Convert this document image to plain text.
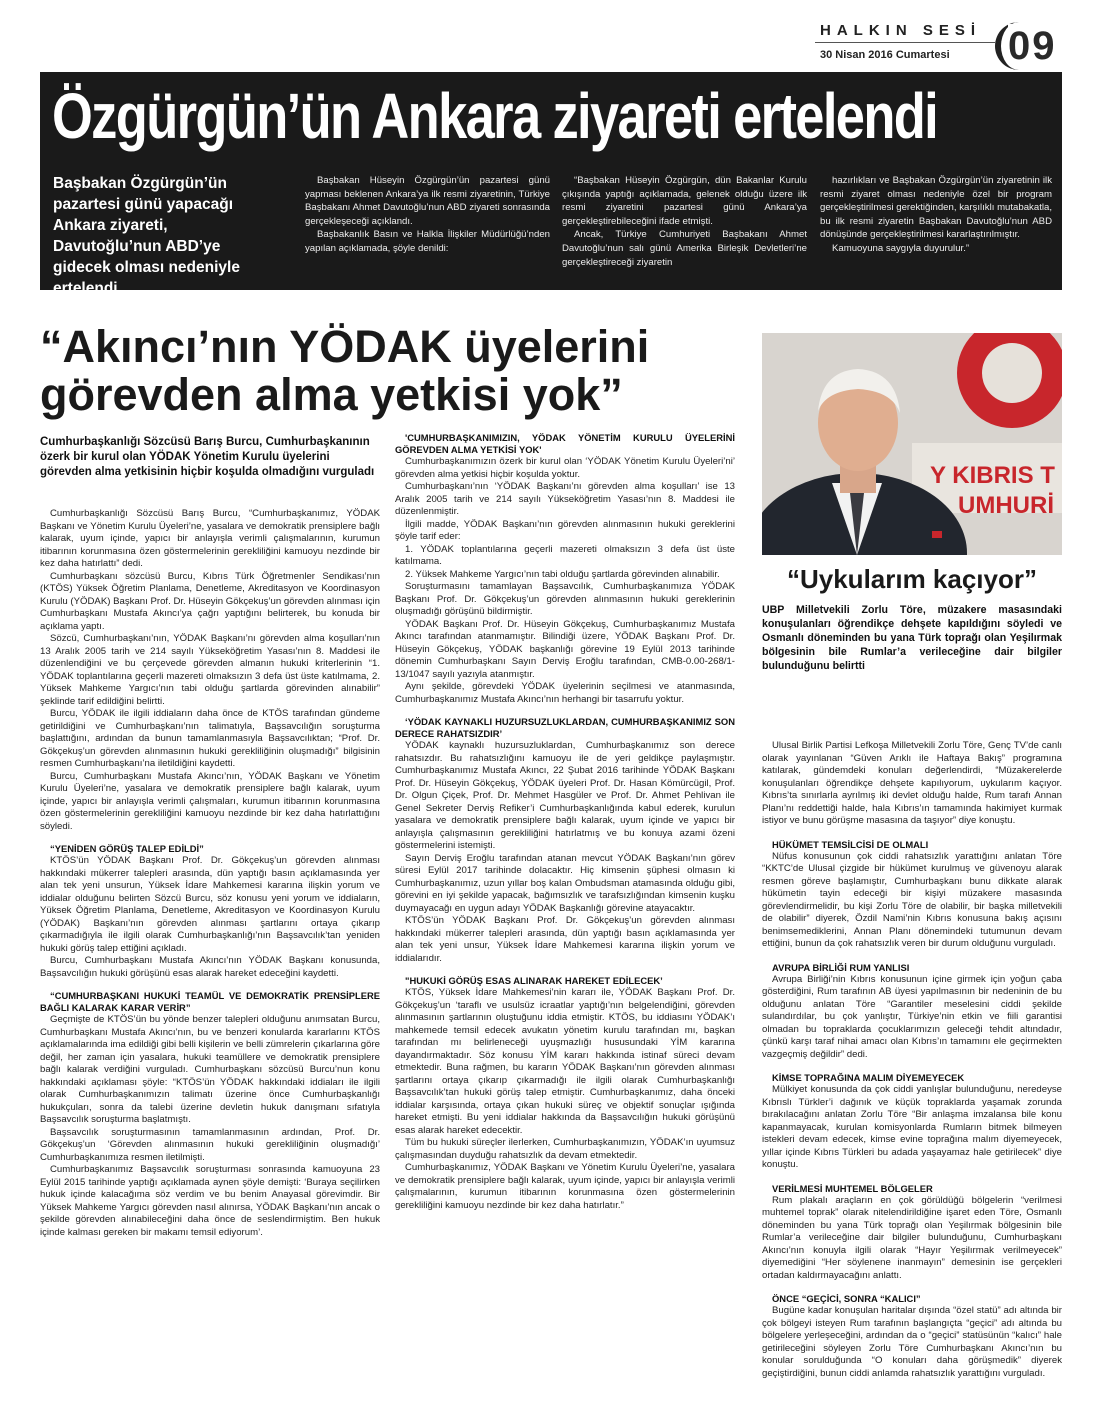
HALKIN SESİ
30 Nisan 2016 Cumartesi 09
Özgürgün’ün Ankara ziyareti ertelendi
Başbakan Özgürgün’ün pazartesi günü yapacağı Ankara ziyareti, Davutoğlu’nun ABD’ye gidecek olması nedeniyle ertelendi

Başbakan Hüseyin Özgürgün’ün pazartesi günü yapması beklenen Ankara’ya ilk resmi ziyaretinin, Türkiye Başbakanı Ahmet Davutoğlu’nun ABD ziyareti sonrasında gerçekleşeceği açıklandı.

Başbakanlık Basın ve Halkla İlişkiler Müdürlüğü’nden yapılan açıklamada, şöyle denildi:

“Başbakan Hüseyin Özgürgün, dün Bakanlar Kurulu çıkışında yaptığı açıklamada, gelenek olduğu üzere ilk resmi ziyaretini pazartesi günü Ankara’ya gerçekleştirebileceğini ifade etmişti.

Ancak, Türkiye Cumhuriyeti Başbakanı Ahmet Davutoğlu’nun salı günü Amerika Birleşik Devletleri’ne gerçekleştireceği ziyaretin

hazırlıkları ve Başbakan Özgürgün’ün ziyaretinin ilk resmi ziyaret olması nedeniyle özel bir program gerçekleştirilmesi gerektiğinden, karşılıklı mutabakatla, bu ilk resmi ziyaretin Başbakan Davutoğlu’nun ABD dönüşünde gerçekleştirilmesi kararlaştırılmıştır.

Kamuoyuna saygıyla duyurulur.”

“Akıncı’nın YÖDAK üyelerini görevden alma yetkisi yok”
Cumhurbaşkanlığı Sözcüsü Barış Burcu, Cumhurbaşkanının özerk bir kurul olan YÖDAK Yönetim Kurulu üyelerini görevden alma yetkisinin hiçbir koşulda olmadığını vurguladı

Cumhurbaşkanlığı Sözcüsü Barış Burcu, “Cumhurbaşkanımız, YÖDAK Başkanı ve Yönetim Kurulu Üyeleri’ne, yasalara ve demokratik prensiplere bağlı kalarak, uyum içinde, yapıcı bir anlayışla verimli çalışmalarının, kurumun itibarının korunmasına özen göstermelerinin gerekliliğini kamuoyu nezdinde bir kez daha hatırlattı” dedi.

Cumhurbaşkanı sözcüsü Burcu, Kıbrıs Türk Öğretmenler Sendikası’nın (KTÖS) Yüksek Öğretim Planlama, Denetleme, Akreditasyon ve Koordinasyon Kurulu (YÖDAK) Başkanı Prof. Dr. Hüseyin Gökçekuş’un görevden alınması için Cumhurbaşkanı Mustafa Akıncı’ya çağrı yaptığını belirterek, bu konuda bir açıklama yaptı.

Sözcü, Cumhurbaşkanı’nın, YÖDAK Başkanı’nı görevden alma koşulları’nın 13 Aralık 2005 tarih ve 214 sayılı Yükseköğretim Yasası’nın 8. Maddesi ile düzenlendiğini ve bu çerçevede görevden almanın hukuki kriterlerinin “1. YÖDAK toplantılarına geçerli mazereti olmaksızın 3 defa üst üste katılmama, 2. Yüksek Mahkeme Yargıcı’nın tabi olduğu şartlarda görevinden alınabilir” şeklinde tarif edildiğini belirtti.

Burcu, YÖDAK ile ilgili iddiaların daha önce de KTÖS tarafından gündeme getirildiğini ve Cumhurbaşkanı’nın talimatıyla, Başsavcılığın soruşturma başlattığını, ardından da bunun tamamlanmasıyla Başsavcılıktan; “Prof. Dr. Gökçekuş’un görevden alınmasının hukuki gerekliliğinin oluşmadığı” bilgisinin resmen Cumhurbaşkanı’na iletildiğini kaydetti.

Burcu, Cumhurbaşkanı Mustafa Akıncı’nın, YÖDAK Başkanı ve Yönetim Kurulu Üyeleri’ne, yasalara ve demokratik prensiplere bağlı kalarak, uyum içinde, yapıcı bir anlayışla verimli çalışmaları, kurumun itibarının korunmasına özen göstermelerinin gerekliliğini kamuoyu nezdinde bir kez daha hatırlattığını söyledi.

“YENİDEN GÖRÜŞ TALEP EDİLDİ”

KTÖS’ün YÖDAK Başkanı Prof. Dr. Gökçekuş’un görevden alınması hakkındaki mükerrer talepleri arasında, dün yaptığı basın açıklamasında yer alan tek yeni unsurun, Yüksek İdare Mahkemesi kararına ilişkin yorum ve iddialar olduğunu belirten Sözcü Burcu, söz konusu yeni yorum ve iddiaların, Yüksek Öğretim Planlama, Denetleme, Akreditasyon ve Koordinasyon Kurulu (YÖDAK) Başkanı’nın görevden alınması şartlarını ortaya çıkarıp çıkarmadığıyla ile ilgili olarak Cumhurbaşkanlığı’nın Başsavcılık’tan yeniden hukuki görüş talep ettiğini açıkladı.

Burcu, Cumhurbaşkanı Mustafa Akıncı’nın YÖDAK Başkanı konusunda, Başsavcılığın hukuki görüşünü esas alarak hareket edeceğini kaydetti.

“CUMHURBAŞKANI HUKUKİ TEAMÜL VE DEMOKRATİK PRENSİPLERE BAĞLI KALARAK KARAR VERİR”

Geçmişte de KTÖS’ün bu yönde benzer talepleri olduğunu anımsatan Burcu, Cumhurbaşkanı Mustafa Akıncı’nın, bu ve benzeri konularda kararlarını KTÖS açıklamalarında ima edildiği gibi belli kişilerin ve belli zümrelerin çıkarlarına göre değil, her zaman için yasalara, hukuki teamüllere ve demokratik prensiplere bağlı kalarak verdiğini vurguladı. Cumhurbaşkanı sözcüsü Burcu’nun konu hakkındaki açıklaması şöyle: “KTÖS’ün YÖDAK hakkındaki iddiaları ile ilgili olarak Cumhurbaşkanımızın talimatı üzerine önce Cumhurbaşkanlığı hukukçuları, sonra da talebi üzerine devletin hukuk danışmanı sıfatıyla Başsavcılık soruşturma başlatmıştı.

Başsavcılık soruşturmasının tamamlanmasının ardından, Prof. Dr. Gökçekuş’un ‘Görevden alınmasının hukuki gerekliliğinin oluşmadığı’ Cumhurbaşkanımıza resmen iletilmişti.

Cumhurbaşkanımız Başsavcılık soruşturması sonrasında kamuoyuna 23 Eylül 2015 tarihinde yaptığı açıklamada aynen şöyle demişti: ‘Buraya seçilirken hukuk içinde kalacağıma söz verdim ve bu benim Anayasal görevimdir. Bir Yüksek Mahkeme Yargıcı görevden nasıl alınırsa, YÖDAK Başkanı’nın ancak o şekilde görevden alınabileceğini daha önce de seslendirmiştim. Ben hukuk içinde kalması gereken bir makamı temsil ediyorum’.

'CUMHURBAŞKANIMIZIN, YÖDAK YÖNETİM KURULU ÜYELERİNİ GÖREVDEN ALMA YETKİSİ YOK'

Cumhurbaşkanımızın özerk bir kurul olan ‘YÖDAK Yönetim Kurulu Üyeleri’ni’ görevden alma yetkisi hiçbir koşulda yoktur.

Cumhurbaşkanı’nın ‘YÖDAK Başkanı’nı görevden alma koşulları’ ise 13 Aralık 2005 tarih ve 214 sayılı Yükseköğretim Yasası’nın 8. Maddesi ile düzenlenmiştir.

İlgili madde, YÖDAK Başkanı’nın görevden alınmasının hukuki gereklerini şöyle tarif eder:

1. YÖDAK toplantılarına geçerli mazereti olmaksızın 3 defa üst üste katılmama.

2. Yüksek Mahkeme Yargıcı’nın tabi olduğu şartlarda görevinden alınabilir.

Soruşturmasını tamamlayan Başsavcılık, Cumhurbaşkanımıza YÖDAK Başkanı Prof. Dr. Gökçekuş’un görevden alınmasının hukuki gereklerinin oluşmadığı görüşünü bildirmiştir.

YÖDAK Başkanı Prof. Dr. Hüseyin Gökçekuş, Cumhurbaşkanımız Mustafa Akıncı tarafından atanmamıştır. Bilindiği üzere, YÖDAK Başkanı Prof. Dr. Hüseyin Gökçekuş, YÖDAK başkanlığı görevine 19 Eylül 2013 tarihinde dönemin Cumhurbaşkanı Sayın Derviş Eroğlu tarafından, CMB-0.00-268/1-13/1047 sayılı yazıyla atanmıştır.

Aynı şekilde, görevdeki YÖDAK üyelerinin seçilmesi ve atanmasında, Cumhurbaşkanımız Mustafa Akıncı’nın herhangi bir tasarrufu yoktur.

‘YÖDAK KAYNAKLI HUZURSUZLUKLARDAN, CUMHURBAŞKANIMIZ SON DERECE RAHATSIZDIR’

YÖDAK kaynaklı huzursuzluklardan, Cumhurbaşkanımız son derece rahatsızdır. Bu rahatsızlığını kamuoyu ile de yeri geldikçe paylaşmıştır. Cumhurbaşkanımız Mustafa Akıncı, 22 Şubat 2016 tarihinde YÖDAK Başkanı Prof. Dr. Hüseyin Gökçekuş, YÖDAK üyeleri Prof. Dr. Hasan Kömürcügil, Prof. Dr. Olgun Çiçek, Prof. Dr. Mehmet Hasgüler ve Prof. Dr. Ahmet Pehlivan ile Genel Sekreter Derviş Refiker’i Cumhurbaşkanlığında kabul ederek, kurulun yasalara ve demokratik prensiplere bağlı kalarak, uyum içinde ve yapıcı bir anlayışla çalışmasının gerekliliğini hatırlatmış ve bu konuya azami özeni göstermelerini istemişti.

Sayın Derviş Eroğlu tarafından atanan mevcut YÖDAK Başkanı’nın görev süresi Eylül 2017 tarihinde dolacaktır. Hiç kimsenin şüphesi olmasın ki Cumhurbaşkanımız, uzun yıllar boş kalan Ombudsman atamasında olduğu gibi, görevini en iyi şekilde yapacak, bağımsızlık ve tarafsızlığından kimsenin kuşku duymayacağı en uygun adayı YÖDAK Başkanlığı görevine atayacaktır.

KTÖS’ün YÖDAK Başkanı Prof. Dr. Gökçekuş’un görevden alınması hakkındaki mükerrer talepleri arasında, dün yaptığı basın açıklamasında yer alan tek yeni unsur, Yüksek İdare Mahkemesi kararına ilişkin yorum ve iddialarıdır.

"HUKUKİ GÖRÜŞ ESAS ALINARAK HAREKET EDİLECEK’

KTÖS, Yüksek İdare Mahkemesi’nin kararı ile, YÖDAK Başkanı Prof. Dr. Gökçekuş’un ‘taraflı ve usulsüz icraatlar yaptığı’nın belgelendiğini, görevden alınmasının şartlarının oluştuğunu iddia etmiştir. KTÖS, bu iddiasını YÖDAK’ı mahkemede temsil edecek avukatın yönetim kurulu tarafından mı, başkan tarafından mı belirleneceği uyuşmazlığı hususundaki YİM kararına dayandırmaktadır. Söz konusu YİM kararı hakkında istinaf süreci devam etmektedir. Buna rağmen, bu kararın YÖDAK Başkanı’nın görevden alınması şartlarını ortaya çıkarıp çıkarmadığı ile ilgili olarak Cumhurbaşkanlığı Başsavcılık’tan hukuki görüş talep etmiştir. Cumhurbaşkanımız, daha önceki iddialar karşısında, ortaya çıkan hukuki süreç ve objektif sonuçlar ışığında hareket etmişti. Bu yeni iddialar hakkında da Başsavcılığın hukuki görüşünü esas alarak hareket edecektir.

Tüm bu hukuki süreçler ilerlerken, Cumhurbaşkanımızın, YÖDAK’ın uyumsuz çalışmasından duyduğu rahatsızlık da devam etmektedir.

Cumhurbaşkanımız, YÖDAK Başkanı ve Yönetim Kurulu Üyeleri’ne, yasalara ve demokratik prensiplere bağlı kalarak, uyum içinde, yapıcı bir anlayışla verimli çalışmalarının, kurumun itibarının korunmasına özen göstermelerinin gerekliliğini kamuoyu nezdinde bir kez daha hatırlatır.”

Y KIBRIS T
UMHURİ
“Uykularım kaçıyor”
UBP Milletvekili Zorlu Töre, müzakere masasındaki konuşulanları öğrendikçe dehşete kapıldığını söyledi ve Osmanlı döneminden bu yana Türk toprağı olan Yeşilırmak bölgesinin bile Rumlar’a verileceğine dair bilgiler bulunduğunu belirtti

Ulusal Birlik Partisi Lefkoşa Milletvekili Zorlu Töre, Genç TV’de canlı olarak yayınlanan “Güven Arıklı ile Haftaya Bakış” programına katılarak, gündemdeki konuları değerlendirdi, “Müzakerelerde konuşulanları öğrendikçe dehşete kapılıyorum, uykularım kaçıyor. Kıbrıs’ta sınırlarla ayrılmış iki devlet olduğu halde, Rum tarafı Annan Planı’nı reddettiği halde, hala Kıbrıs’ın tamamında hakimiyet kurmak istiyor ve bunu görüşme masasına da taşıyor” diye konuştu.

HÜKÜMET TEMSİLCİSİ DE OLMALI

Nüfus konusunun çok ciddi rahatsızlık yarattığını anlatan Töre “KKTC’de Ulusal çizgide bir hükümet kurulmuş ve güvenoyu alarak resmen göreve başlamıştır, Cumhurbaşkanı bunu dikkate alarak hükümetin tayin edeceği bir kişiyi müzakere masasında görevlendirmelidir, bu kişi Zorlu Töre de olabilir, bir başka milletvekili de olabilir” diyerek, Özdil Nami’nin Kıbrıs konusuna bakış açısını benimsemediklerini, Annan Planı dönemindeki tutumunun devam ettiğini, bunun da çok rahatsızlık veren bir durum olduğunu vurguladı.

AVRUPA BİRLİĞİ RUM YANLISI

Avrupa Birliği’nin Kıbrıs konusunun içine girmek için yoğun çaba gösterdiğini, Rum tarafının AB üyesi yapılmasının bir nedeninin de bu olduğunu anlatan Töre “Garantiler meselesini ciddi şekilde sulandırdılar, bu çok yanlıştır, Türkiye’nin etkin ve fiili garantisi olmadan bu topraklarda çocuklarımızın geleceği tehdit altındadır, çünkü karşı taraf nihai amacı olan Kıbrıs’ın tamamını ele geçirmekten vazgeçmiş değildir” dedi.

KİMSE TOPRAĞINA MALIM DİYEMEYECEK

Mülkiyet konusunda da çok ciddi yanlışlar bulunduğunu, neredeyse Kıbrıslı Türkler’i dağınık ve küçük topraklarda yaşamak zorunda bırakılacağını anlatan Zorlu Töre “Bir anlaşma imzalansa bile konu kapanmayacak, kurulan komisyonlarda Rumların bitmek bilmeyen istekleri devam edecek, kimse evine toprağına malım diyemeyecek, yıllar içinde Kıbrıs Türkleri bu adada yaşayamaz hale getirilecek” diye konuştu.

VERİLMESİ MUHTEMEL BÖLGELER

Rum plakalı araçların en çok görüldüğü bölgelerin “verilmesi muhtemel toprak” olarak nitelendirildiğine işaret eden Töre, Osmanlı döneminden bu yana Türk toprağı olan Yeşilırmak bölgesinin bile Rumlar’a verileceğine dair bilgiler bulunduğunu, Cumhurbaşkanı Akıncı’nın konuyla ilgili olarak “Hayır Yeşilırmak verilmeyecek” diyemediğini “Her söylenene inanmayın” demesinin ise gerçekleri ortadan kaldırmayacağını anlattı.

ÖNCE “GEÇİCİ, SONRA “KALICI”

Bugüne kadar konuşulan haritalar dışında “özel statü” adı altında bir çok bölgeyi isteyen Rum tarafının başlangıçta “geçici” adı altında bu bölgelere yerleşeceğini, ardından da o “geçici” statüsünün “kalıcı” hale getirileceğini söyleyen Zorlu Töre Cumhurbaşkanı Akıncı’nın bu konular sorulduğunda “O konuları daha görüşmedik” diyerek geçiştirdiğini, bunun ciddi anlamda rahatsızlık yarattığını vurguladı.
